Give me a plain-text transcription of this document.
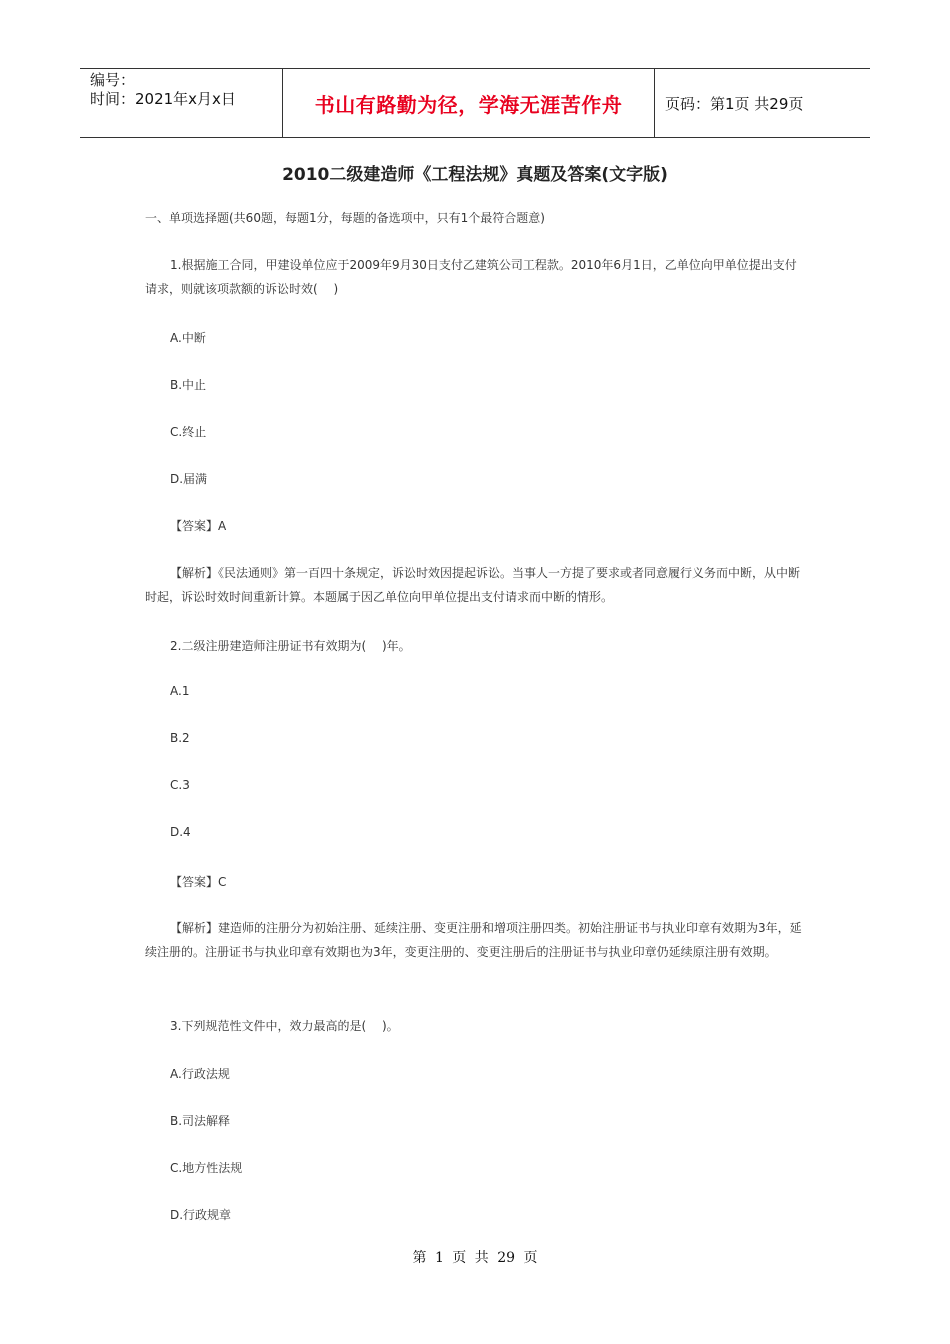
编号：
时间：2021年x月x日	书山有路勤为径，学海无涯苦作舟	页码：第1页 共29页
2010二级建造师《工程法规》真题及答案(文字版)
一、单项选择题(共60题，每题1分，每题的备选项中，只有1个最符合题意)
1.根据施工合同，甲建设单位应于2009年9月30日支付乙建筑公司工程款。2010年6月1日，乙单位向甲单位提出支付请求，则就该项款额的诉讼时效(　 )
A.中断
B.中止
C.终止
D.届满
【答案】A
【解析】《民法通则》第一百四十条规定，诉讼时效因提起诉讼。当事人一方提了要求或者同意履行义务而中断，从中断时起，诉讼时效时间重新计算。本题属于因乙单位向甲单位提出支付请求而中断的情形。
2.二级注册建造师注册证书有效期为(　 )年。
A.1
B.2
C.3
D.4
【答案】C
【解析】建造师的注册分为初始注册、延续注册、变更注册和增项注册四类。初始注册证书与执业印章有效期为3年，延续注册的。注册证书与执业印章有效期也为3年，变更注册的、变更注册后的注册证书与执业印章仍延续原注册有效期。
3.下列规范性文件中，效力最高的是(　 )。
A.行政法规
B.司法解释
C.地方性法规
D.行政规章
第 1 页 共 29 页
